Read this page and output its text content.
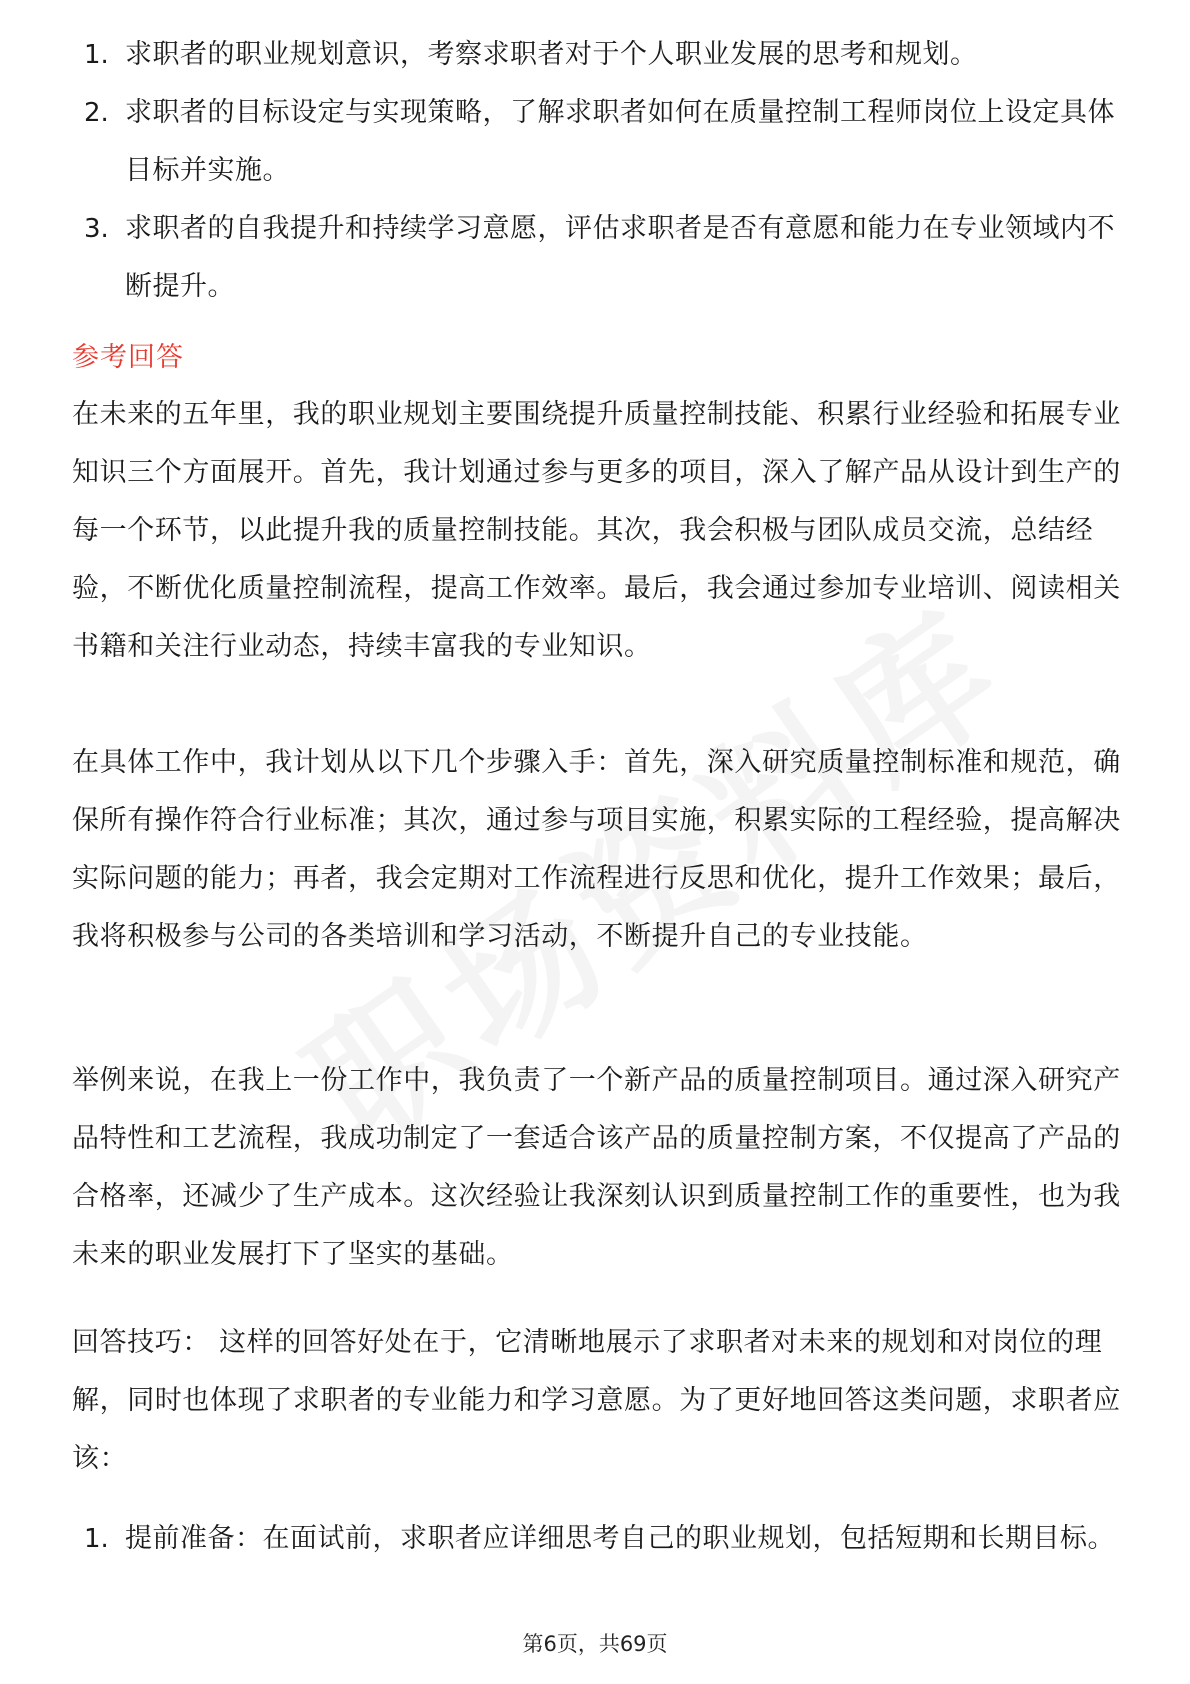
1. 求职者的职业规划意识，考察求职者对于个人职业发展的思考和规划。
2. 求职者的目标设定与实现策略，了解求职者如何在质量控制工程师岗位上设定具体目标并实施。
3. 求职者的自我提升和持续学习意愿，评估求职者是否有意愿和能力在专业领域内不断提升。
参考回答

在未来的五年里，我的职业规划主要围绕提升质量控制技能、积累行业经验和拓展专业知识三个方面展开。首先，我计划通过参与更多的项目，深入了解产品从设计到生产的每一个环节，以此提升我的质量控制技能。其次，我会积极与团队成员交流，总结经验，不断优化质量控制流程，提高工作效率。最后，我会通过参加专业培训、阅读相关书籍和关注行业动态，持续丰富我的专业知识。

在具体工作中，我计划从以下几个步骤入手：首先，深入研究质量控制标准和规范，确保所有操作符合行业标准；其次，通过参与项目实施，积累实际的工程经验，提高解决实际问题的能力；再者，我会定期对工作流程进行反思和优化，提升工作效果；最后，我将积极参与公司的各类培训和学习活动，不断提升自己的专业技能。

举例来说，在我上一份工作中，我负责了一个新产品的质量控制项目。通过深入研究产品特性和工艺流程，我成功制定了一套适合该产品的质量控制方案，不仅提高了产品的合格率，还减少了生产成本。这次经验让我深刻认识到质量控制工作的重要性，也为我未来的职业发展打下了坚实的基础。

回答技巧： 这样的回答好处在于，它清晰地展示了求职者对未来的规划和对岗位的理解，同时也体现了求职者的专业能力和学习意愿。为了更好地回答这类问题，求职者应该：

1. 提前准备：在面试前，求职者应详细思考自己的职业规划，包括短期和长期目标。
第6页，共69页
